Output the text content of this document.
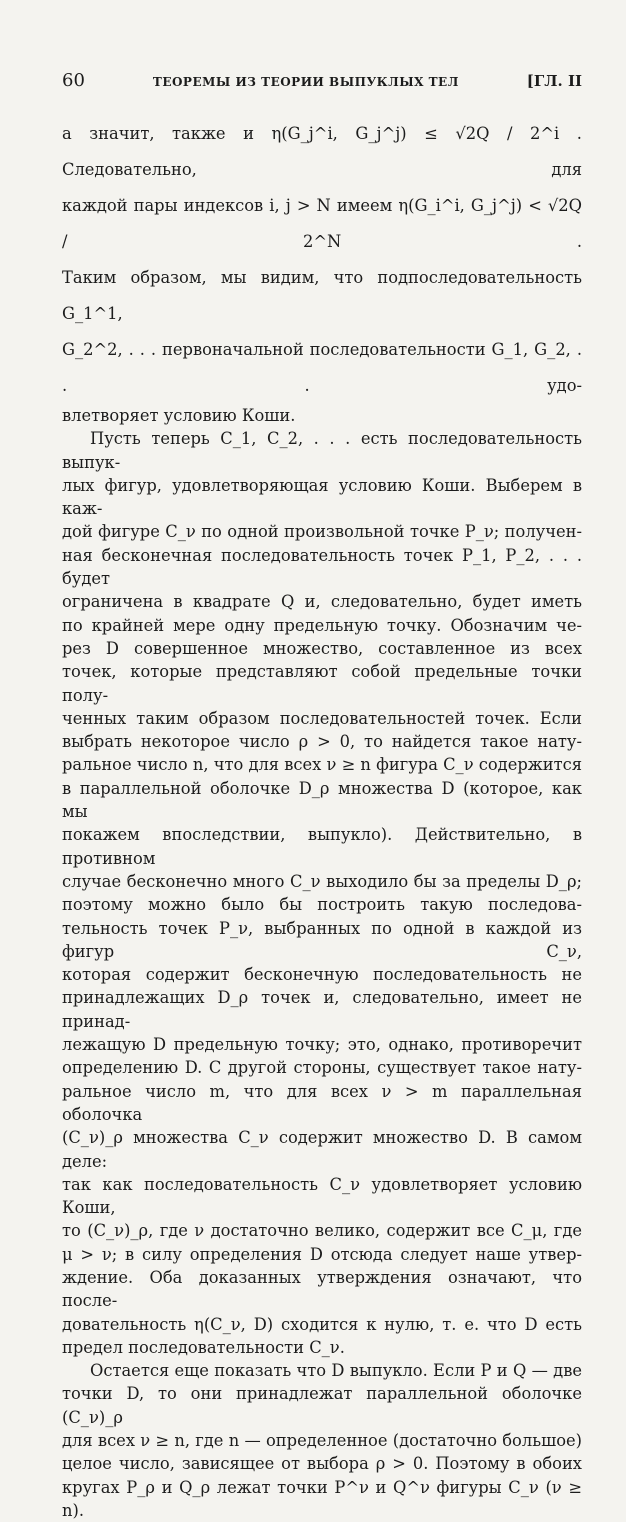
60	ТЕОРЕМЫ ИЗ ТЕОРИИ ВЫПУКЛЫХ ТЕЛ	[ГЛ. II

а значит, также и η(G_j^i, G_j^j) ≤ √2Q / 2^i . Следовательно, для

каждой пары индексов i, j > N имеем η(G_i^i, G_j^j) < √2Q / 2^N .

Таким образом, мы видим, что подпоследовательность G_1^1,

G_2^2, . . . первоначальной последовательности G_1, G_2, . . . удо-

влетворяет условию Коши.

Пусть теперь C_1, C_2, . . . есть последовательность выпук-

лых фигур, удовлетворяющая условию Коши. Выберем в каж-

дой фигуре C_ν по одной произвольной точке P_ν; получен-

ная бесконечная последовательность точек P_1, P_2, . . . будет

ограничена в квадрате Q и, следовательно, будет иметь

по крайней мере одну предельную точку. Обозначим че-

рез D совершенное множество, составленное из всех

точек, которые представляют собой предельные точки полу-

ченных таким образом последовательностей точек. Если

выбрать некоторое число ρ > 0, то найдется такое нату-

ральное число n, что для всех ν ≥ n фигура C_ν содержится

в параллельной оболочке D_ρ множества D (которое, как мы

покажем впоследствии, выпукло). Действительно, в противном

случае бесконечно много C_ν выходило бы за пределы D_ρ;

поэтому можно было бы построить такую последова-

тельность точек P_ν, выбранных по одной в каждой из фигур C_ν,

которая содержит бесконечную последовательность не

принадлежащих D_ρ точек и, следовательно, имеет не принад-

лежащую D предельную точку; это, однако, противоречит

определению D. С другой стороны, существует такое нату-

ральное число m, что для всех ν > m параллельная оболочка

(C_ν)_ρ множества C_ν содержит множество D. В самом деле:

так как последовательность C_ν удовлетворяет условию Коши,

то (C_ν)_ρ, где ν достаточно велико, содержит все C_μ, где

μ > ν; в силу определения D отсюда следует наше утвер-

ждение. Оба доказанных утверждения означают, что после-

довательность η(C_ν, D) сходится к нулю, т. е. что D есть

предел последовательности C_ν.

Остается еще показать что D выпукло. Если P и Q — две

точки D, то они принадлежат параллельной оболочке (C_ν)_ρ

для всех ν ≥ n, где n — определенное (достаточно большое)

целое число, зависящее от выбора ρ > 0. Поэтому в обоих

кругах P_ρ и Q_ρ лежат точки P^ν и Q^ν фигуры C_ν (ν ≥ n).
